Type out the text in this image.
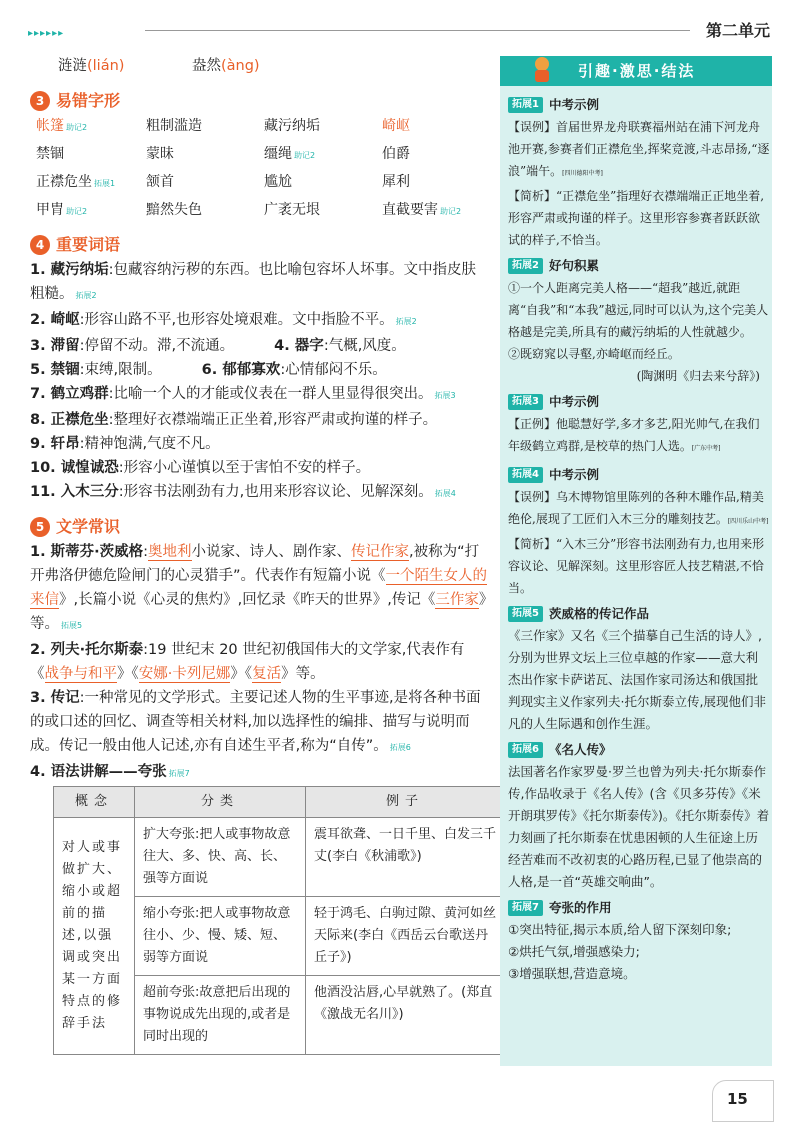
▸▸▸▸▸▸	第二单元
涟涟(lián)	盎然(àng)
3 易错字形
帐篷 助记2	粗制滥造	藏污纳垢	崎岖
禁锢	蒙昧	缰绳 助记2	伯爵
正襟危坐 拓展1	颔首	尴尬	犀利
甲胄 助记2	黯然失色	广袤无垠	直截要害 助记2
4 重要词语

1. 藏污纳垢:包藏容纳污秽的东西。也比喻包容坏人坏事。文中指皮肤粗糙。 拓展2

2. 崎岖:形容山路不平,也形容处境艰难。文中指脸不平。 拓展2

3. 滞留:停留不动。滞,不流通。	4. 器字:气概,风度。

5. 禁锢:束缚,限制。	6. 郁郁寡欢:心情郁闷不乐。

7. 鹤立鸡群:比喻一个人的才能或仪表在一群人里显得很突出。 拓展3

8. 正襟危坐:整理好衣襟端端正正坐着,形容严肃或拘谨的样子。

9. 轩昂:精神饱满,气度不凡。

10. 诚惶诚恐:形容小心谨慎以至于害怕不安的样子。

11. 入木三分:形容书法刚劲有力,也用来形容议论、见解深刻。 拓展4

5 文学常识

1. 斯蒂芬·茨威格:奥地利小说家、诗人、剧作家、传记作家,被称为“打开弗洛伊德危险闸门的心灵猎手”。代表作有短篇小说《一个陌生女人的来信》,长篇小说《心灵的焦灼》,回忆录《昨天的世界》,传记《三作家》等。 拓展5

2. 列夫·托尔斯泰:19 世纪末 20 世纪初俄国伟大的文学家,代表作有《战争与和平》《安娜·卡列尼娜》《复活》等。

3. 传记:一种常见的文学形式。主要记述人物的生平事迹,是将各种书面的或口述的回忆、调查等相关材料,加以选择性的编排、描写与说明而成。传记一般由他人记述,亦有自述生平者,称为“自传”。 拓展6

4. 语法讲解——夸张 拓展7

概念	分类	例子
对人或事做扩大、缩小或超前的描述,以强调或突出某一方面特点的修辞手法	扩大夸张:把人或事物故意往大、多、快、高、长、强等方面说	震耳欲聋、一日千里、白发三千丈(李白《秋浦歌》)
	缩小夸张:把人或事物故意往小、少、慢、矮、短、弱等方面说	轻于鸿毛、白驹过隙、黄河如丝天际来(李白《西岳云台歌送丹丘子》)
	超前夸张:故意把后出现的事物说成先出现的,或者是同时出现的	他酒没沾唇,心早就熟了。(郑直《激战无名川》)
引趣·激思·结法
拓展1 中考示例

【误例】首届世界龙舟联赛福州站在浦下河龙舟池开赛,参赛者们正襟危坐,挥桨竞渡,斗志昂扬,“逐浪”端午。[四川德阳中考]

【简析】“正襟危坐”指理好衣襟端端正正地坐着,形容严肃或拘谨的样子。这里形容参赛者跃跃欲试的样子,不恰当。

拓展2 好句积累

①一个人距离完美人格——“超我”越近,就距离“自我”和“本我”越远,同时可以认为,这个完美人格越是完美,所具有的藏污纳垢的人性就越少。

②既窈窕以寻壑,亦崎岖而经丘。

(陶渊明《归去来兮辞》)

拓展3 中考示例

【正例】他聪慧好学,多才多艺,阳光帅气,在我们年级鹤立鸡群,是校草的热门人选。[广东中考]

拓展4 中考示例

【误例】乌木博物馆里陈列的各种木雕作品,精美绝伦,展现了工匠们入木三分的雕刻技艺。[四川乐山中考]

【简析】“入木三分”形容书法刚劲有力,也用来形容议论、见解深刻。这里形容匠人技艺精湛,不恰当。

拓展5 茨威格的传记作品

《三作家》又名《三个描摹自己生活的诗人》,分别为世界文坛上三位卓越的作家——意大利杰出作家卡萨诺瓦、法国作家司汤达和俄国批判现实主义作家列夫·托尔斯泰立传,展现他们非凡的人生际遇和创作生涯。

拓展6 《名人传》

法国著名作家罗曼·罗兰也曾为列夫·托尔斯泰作传,作品收录于《名人传》(含《贝多芬传》《米开朗琪罗传》《托尔斯泰传》)。《托尔斯泰传》着力刻画了托尔斯泰在忧患困顿的人生征途上历经苦难而不改初衷的心路历程,已显了他崇高的人格,是一首“英雄交响曲”。

拓展7 夸张的作用

①突出特征,揭示本质,给人留下深刻印象;

②烘托气氛,增强感染力;

③增强联想,营造意境。

15
